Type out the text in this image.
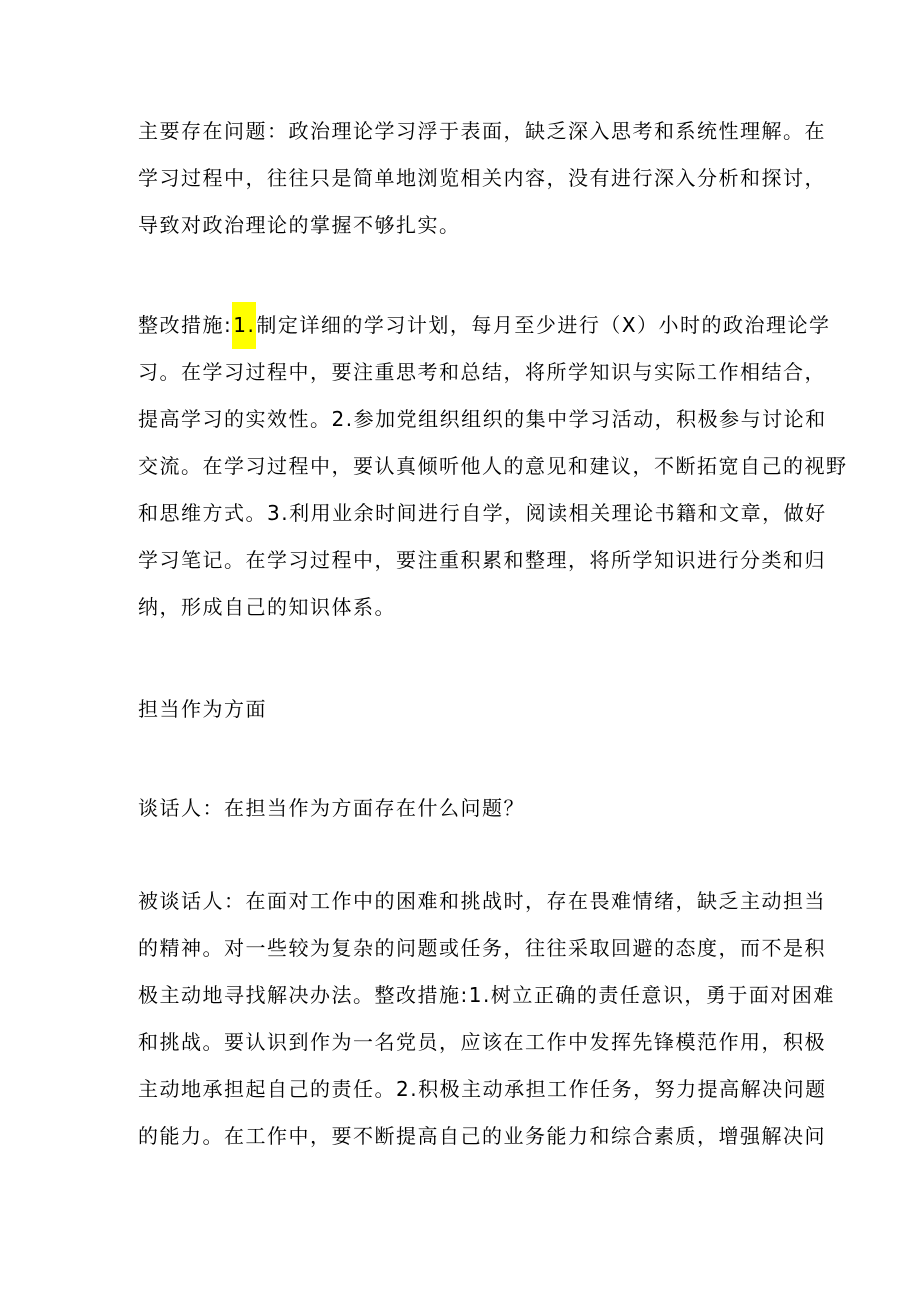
主要存在问题：政治理论学习浮于表面，缺乏深入思考和系统性理解。在
学习过程中，往往只是简单地浏览相关内容，没有进行深入分析和探讨，
导致对政治理论的掌握不够扎实。
整改措施:1.制定详细的学习计划，每月至少进行（X）小时的政治理论学
习。在学习过程中，要注重思考和总结，将所学知识与实际工作相结合，
提高学习的实效性。2.参加党组织组织的集中学习活动，积极参与讨论和
交流。在学习过程中，要认真倾听他人的意见和建议，不断拓宽自己的视野
和思维方式。3.利用业余时间进行自学，阅读相关理论书籍和文章，做好
学习笔记。在学习过程中，要注重积累和整理，将所学知识进行分类和归
纳，形成自己的知识体系。
担当作为方面
谈话人：在担当作为方面存在什么问题？
被谈话人：在面对工作中的困难和挑战时，存在畏难情绪，缺乏主动担当
的精神。对一些较为复杂的问题或任务，往往采取回避的态度，而不是积
极主动地寻找解决办法。整改措施:1.树立正确的责任意识，勇于面对困难
和挑战。要认识到作为一名党员，应该在工作中发挥先锋模范作用，积极
主动地承担起自己的责任。2.积极主动承担工作任务，努力提高解决问题
的能力。在工作中，要不断提高自己的业务能力和综合素质，增强解决问
